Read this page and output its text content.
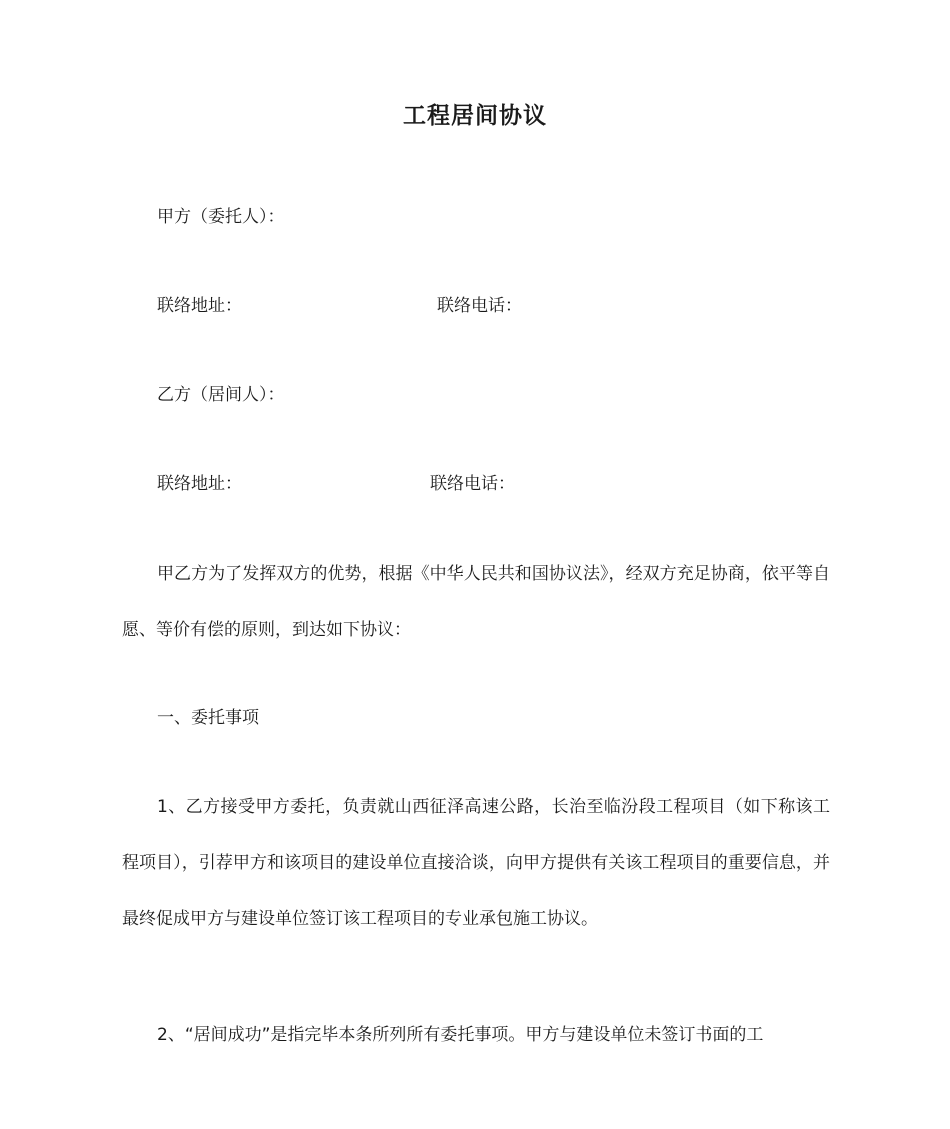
工程居间协议
甲方（委托人）：
联络地址：	联络电话：
乙方（居间人）：
联络地址：	联络电话：
甲乙方为了发挥双方的优势，根据《中华人民共和国协议法》，经双方充足协商，依平等自愿、等价有偿的原则，到达如下协议：
一、委托事项
1、乙方接受甲方委托，负责就山西征泽高速公路，长治至临汾段工程项目（如下称该工程项目），引荐甲方和该项目的建设单位直接洽谈，向甲方提供有关该工程项目的重要信息，并最终促成甲方与建设单位签订该工程项目的专业承包施工协议。
2、“居间成功”是指完毕本条所列所有委托事项。甲方与建设单位未签订书面的工
